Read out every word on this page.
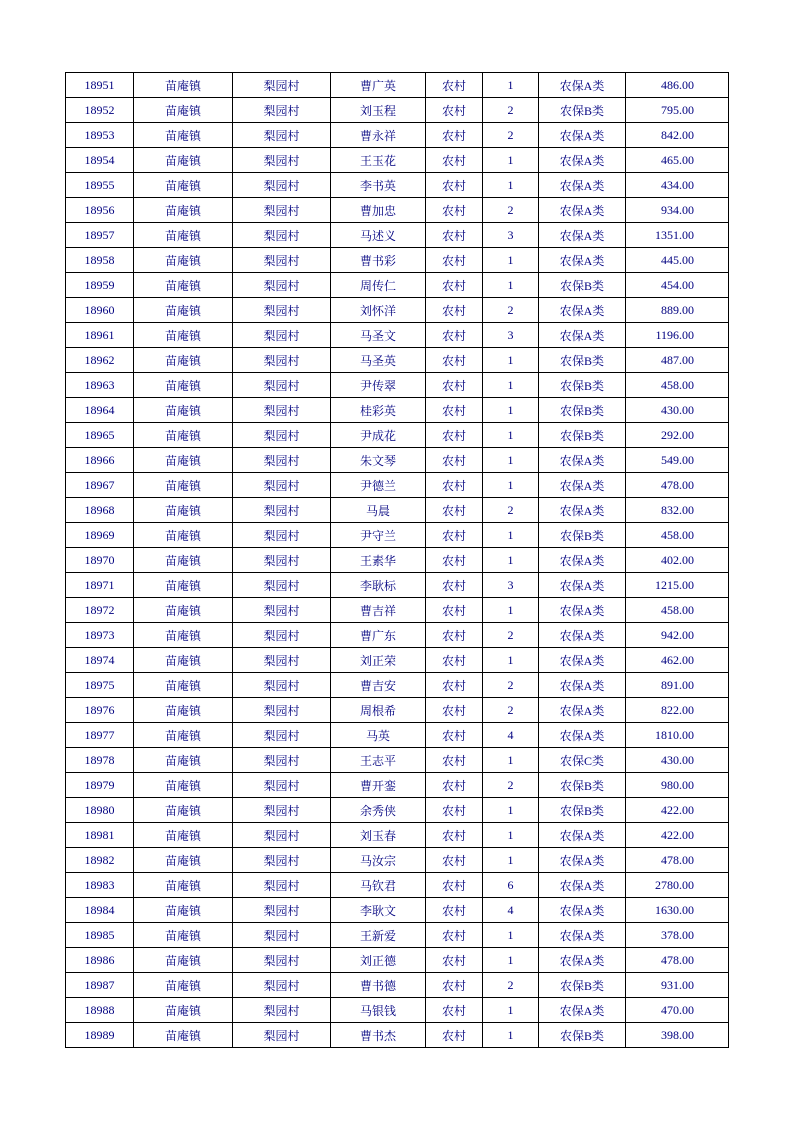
18951	苗庵镇	梨园村	曹广英	农村	1	农保A类	486.00
18952	苗庵镇	梨园村	刘玉程	农村	2	农保B类	795.00
18953	苗庵镇	梨园村	曹永祥	农村	2	农保A类	842.00
18954	苗庵镇	梨园村	王玉花	农村	1	农保A类	465.00
18955	苗庵镇	梨园村	李书英	农村	1	农保A类	434.00
18956	苗庵镇	梨园村	曹加忠	农村	2	农保A类	934.00
18957	苗庵镇	梨园村	马述义	农村	3	农保A类	1351.00
18958	苗庵镇	梨园村	曹书彩	农村	1	农保A类	445.00
18959	苗庵镇	梨园村	周传仁	农村	1	农保B类	454.00
18960	苗庵镇	梨园村	刘怀洋	农村	2	农保A类	889.00
18961	苗庵镇	梨园村	马圣文	农村	3	农保A类	1196.00
18962	苗庵镇	梨园村	马圣英	农村	1	农保B类	487.00
18963	苗庵镇	梨园村	尹传翠	农村	1	农保B类	458.00
18964	苗庵镇	梨园村	桂彩英	农村	1	农保B类	430.00
18965	苗庵镇	梨园村	尹成花	农村	1	农保B类	292.00
18966	苗庵镇	梨园村	朱文琴	农村	1	农保A类	549.00
18967	苗庵镇	梨园村	尹德兰	农村	1	农保A类	478.00
18968	苗庵镇	梨园村	马晨	农村	2	农保A类	832.00
18969	苗庵镇	梨园村	尹守兰	农村	1	农保B类	458.00
18970	苗庵镇	梨园村	王素华	农村	1	农保A类	402.00
18971	苗庵镇	梨园村	李耿标	农村	3	农保A类	1215.00
18972	苗庵镇	梨园村	曹吉祥	农村	1	农保A类	458.00
18973	苗庵镇	梨园村	曹广东	农村	2	农保A类	942.00
18974	苗庵镇	梨园村	刘正荣	农村	1	农保A类	462.00
18975	苗庵镇	梨园村	曹吉安	农村	2	农保A类	891.00
18976	苗庵镇	梨园村	周根希	农村	2	农保A类	822.00
18977	苗庵镇	梨园村	马英	农村	4	农保A类	1810.00
18978	苗庵镇	梨园村	王志平	农村	1	农保C类	430.00
18979	苗庵镇	梨园村	曹开銮	农村	2	农保B类	980.00
18980	苗庵镇	梨园村	余秀侠	农村	1	农保B类	422.00
18981	苗庵镇	梨园村	刘玉春	农村	1	农保A类	422.00
18982	苗庵镇	梨园村	马汝宗	农村	1	农保A类	478.00
18983	苗庵镇	梨园村	马钦君	农村	6	农保A类	2780.00
18984	苗庵镇	梨园村	李耿文	农村	4	农保A类	1630.00
18985	苗庵镇	梨园村	王新爱	农村	1	农保A类	378.00
18986	苗庵镇	梨园村	刘正德	农村	1	农保A类	478.00
18987	苗庵镇	梨园村	曹书德	农村	2	农保B类	931.00
18988	苗庵镇	梨园村	马银钱	农村	1	农保A类	470.00
18989	苗庵镇	梨园村	曹书杰	农村	1	农保B类	398.00
